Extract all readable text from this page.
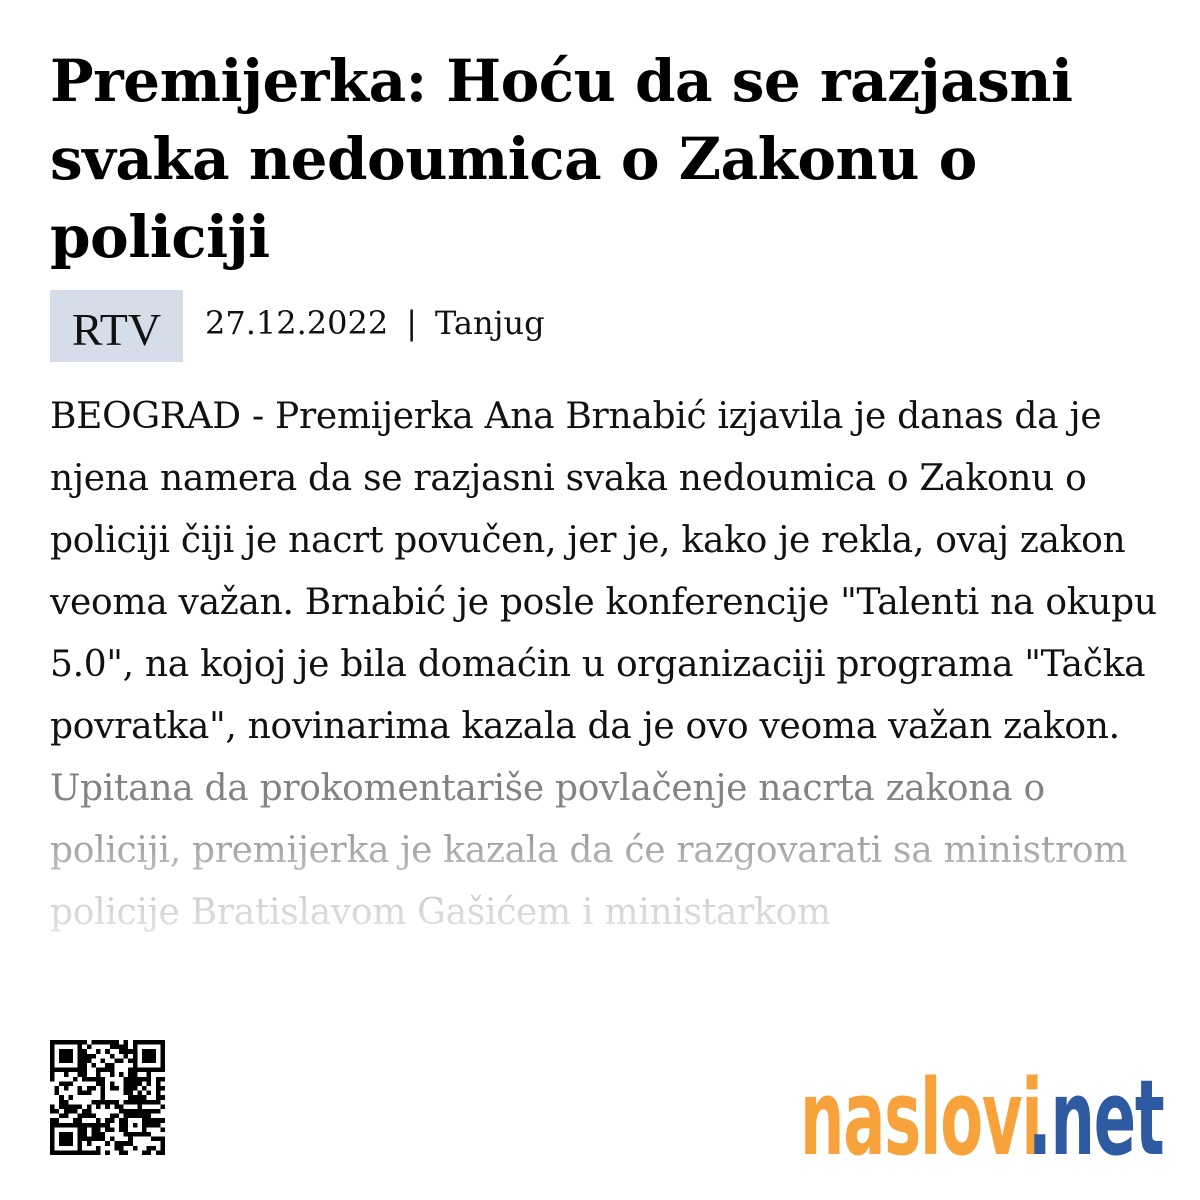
Premijerka: Hoću da se razjasni svaka nedoumica o Zakonu o policiji
RTV	27.12.2022 | Tanjug

BEOGRAD - Premijerka Ana Brnabić izjavila je danas da je njena namera da se razjasni svaka nedoumica o Zakonu o policiji čiji je nacrt povučen, jer je, kako je rekla, ovaj zakon veoma važan. Brnabić je posle konferencije "Talenti na okupu 5.0", na kojoj je bila domaćin u organizaciji programa "Tačka povratka", novinarima kazala da je ovo veoma važan zakon.

Upitana da prokomentariše povlačenje nacrta zakona o policiji, premijerka je kazala da će razgovarati sa ministrom policije Bratislavom Gašićem i ministarkom

naslovi
.net
